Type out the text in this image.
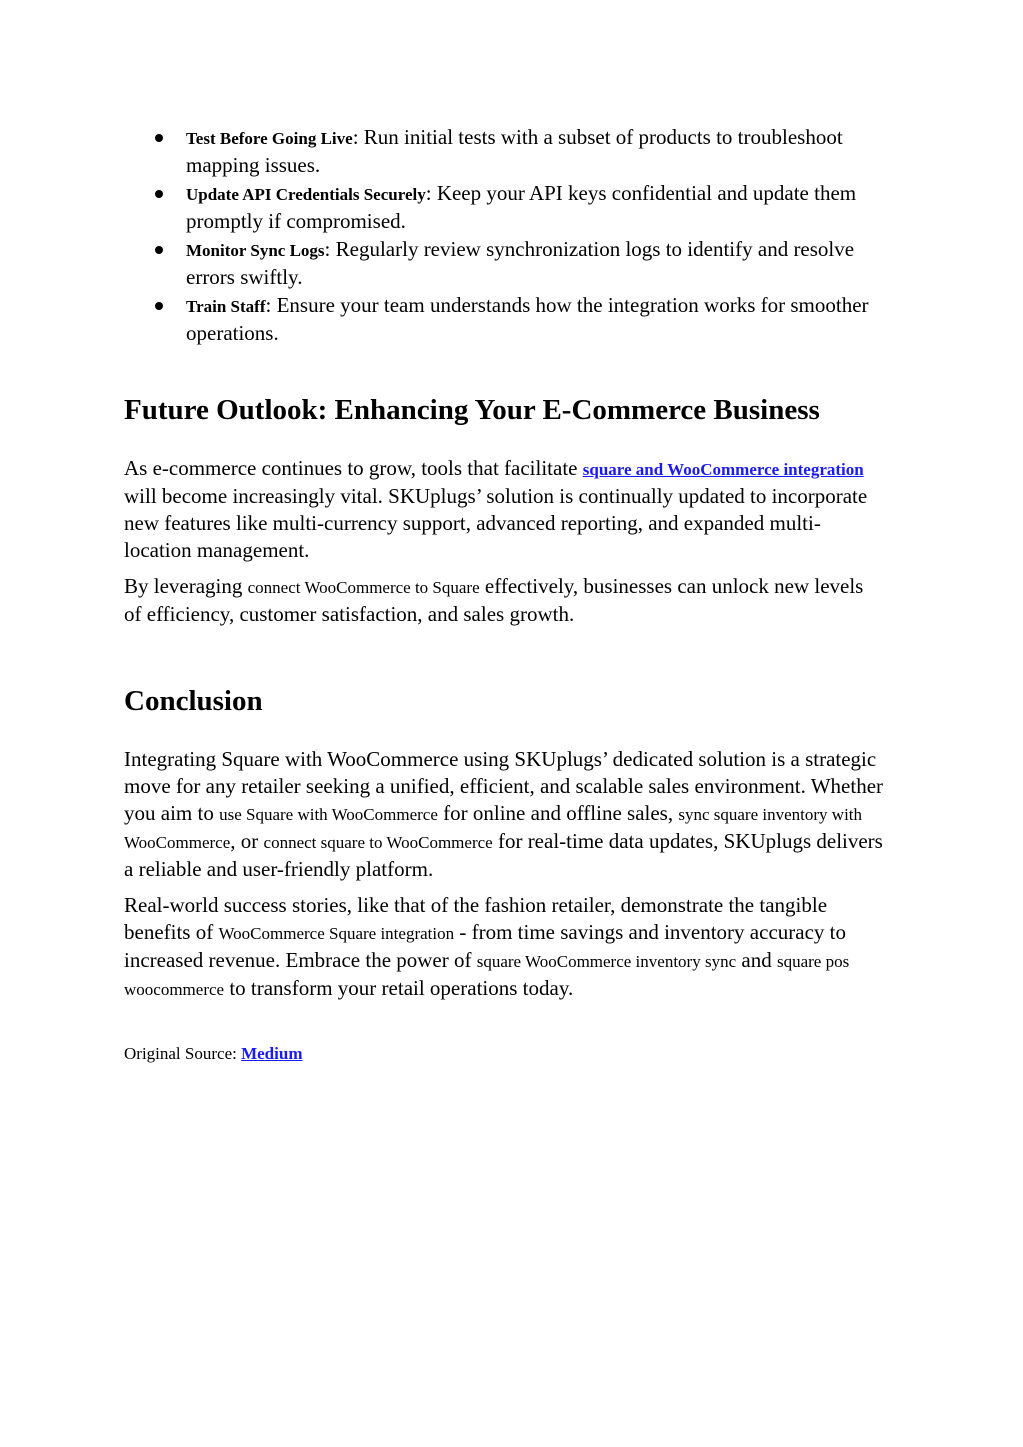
Test Before Going Live: Run initial tests with a subset of products to troubleshoot mapping issues.
Update API Credentials Securely: Keep your API keys confidential and update them promptly if compromised.
Monitor Sync Logs: Regularly review synchronization logs to identify and resolve errors swiftly.
Train Staff: Ensure your team understands how the integration works for smoother operations.
Future Outlook: Enhancing Your E-Commerce Business

As e-commerce continues to grow, tools that facilitate square and WooCommerce integration will become increasingly vital. SKUplugs’ solution is continually updated to incorporate new features like multi-currency support, advanced reporting, and expanded multi-location management.

By leveraging connect WooCommerce to Square effectively, businesses can unlock new levels of efficiency, customer satisfaction, and sales growth.

Conclusion

Integrating Square with WooCommerce using SKUplugs’ dedicated solution is a strategic move for any retailer seeking a unified, efficient, and scalable sales environment. Whether you aim to use Square with WooCommerce for online and offline sales, sync square inventory with WooCommerce, or connect square to WooCommerce for real-time data updates, SKUplugs delivers a reliable and user-friendly platform.

Real-world success stories, like that of the fashion retailer, demonstrate the tangible benefits of WooCommerce Square integration - from time savings and inventory accuracy to increased revenue. Embrace the power of square WooCommerce inventory sync and square pos woocommerce to transform your retail operations today.

Original Source: Medium
